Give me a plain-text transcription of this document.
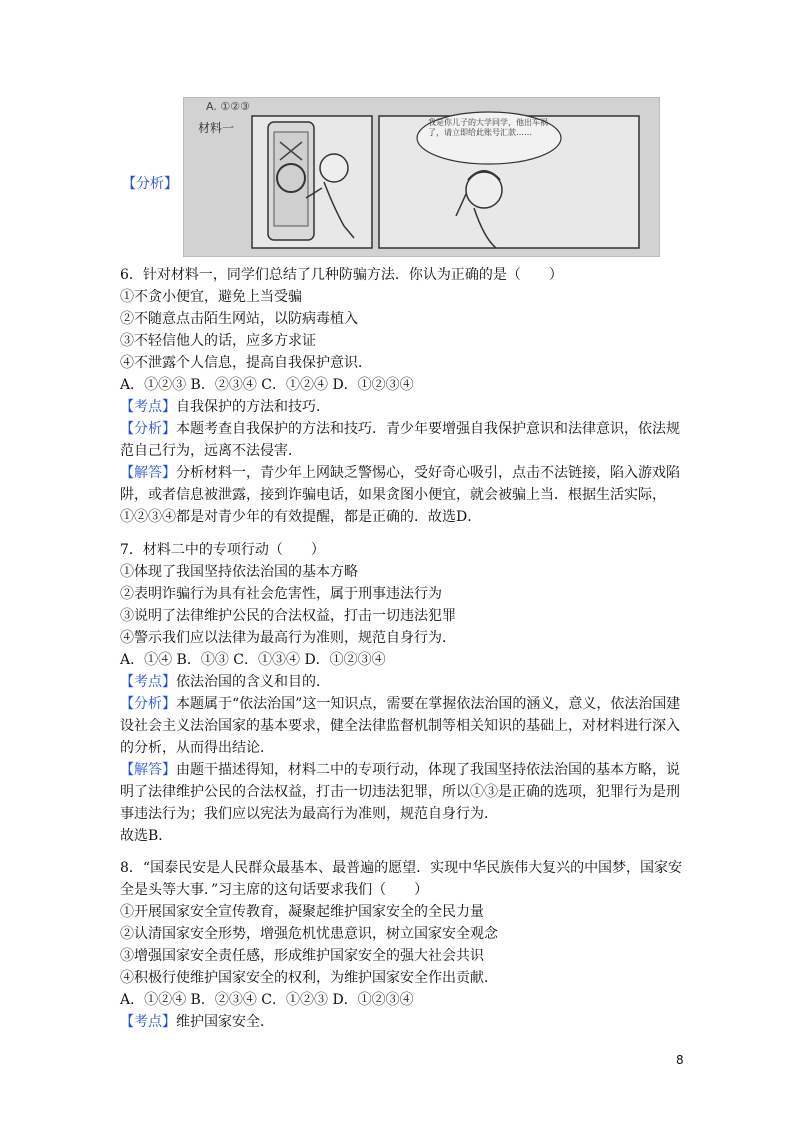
【分析】
A. ①②③
材料一	我是你儿子的大学同学，他出车祸了，请立即给此账号汇款……
6．针对材料一，同学们总结了几种防骗方法．你认为正确的是（　　）
①不贪小便宜，避免上当受骗
②不随意点击陌生网站，以防病毒植入
③不轻信他人的话，应多方求证
④不泄露个人信息，提高自我保护意识．
A．①②③ B．②③④ C．①②④ D．①②③④
【考点】自我保护的方法和技巧．
【分析】本题考查自我保护的方法和技巧．青少年要增强自我保护意识和法律意识，依法规范自己行为，远离不法侵害．
【解答】分析材料一，青少年上网缺乏警惕心，受好奇心吸引，点击不法链接，陷入游戏陷阱，或者信息被泄露，接到诈骗电话，如果贪图小便宜，就会被骗上当．根据生活实际，①②③④都是对青少年的有效提醒，都是正确的．故选D．
7．材料二中的专项行动（　　）
①体现了我国坚持依法治国的基本方略
②表明诈骗行为具有社会危害性，属于刑事违法行为
③说明了法律维护公民的合法权益，打击一切违法犯罪
④警示我们应以法律为最高行为准则，规范自身行为．
A．①④ B．①③ C．①③④ D．①②③④
【考点】依法治国的含义和目的．
【分析】本题属于“依法治国”这一知识点，需要在掌握依法治国的涵义，意义，依法治国建设社会主义法治国家的基本要求，健全法律监督机制等相关知识的基础上，对材料进行深入的分析，从而得出结论．
【解答】由题干描述得知，材料二中的专项行动，体现了我国坚持依法治国的基本方略，说明了法律维护公民的合法权益，打击一切违法犯罪，所以①③是正确的选项，犯罪行为是刑事违法行为；我们应以宪法为最高行为准则，规范自身行为．
故选B．
8．“国泰民安是人民群众最基本、最普遍的愿望．实现中华民族伟大复兴的中国梦，国家安全是头等大事．”习主席的这句话要求我们（　　）
①开展国家安全宣传教育，凝聚起维护国家安全的全民力量
②认清国家安全形势，增强危机忧患意识，树立国家安全观念
③增强国家安全责任感，形成维护国家安全的强大社会共识
④积极行使维护国家安全的权利，为维护国家安全作出贡献．
A．①②④ B．②③④ C．①②③ D．①②③④
【考点】维护国家安全．
8
